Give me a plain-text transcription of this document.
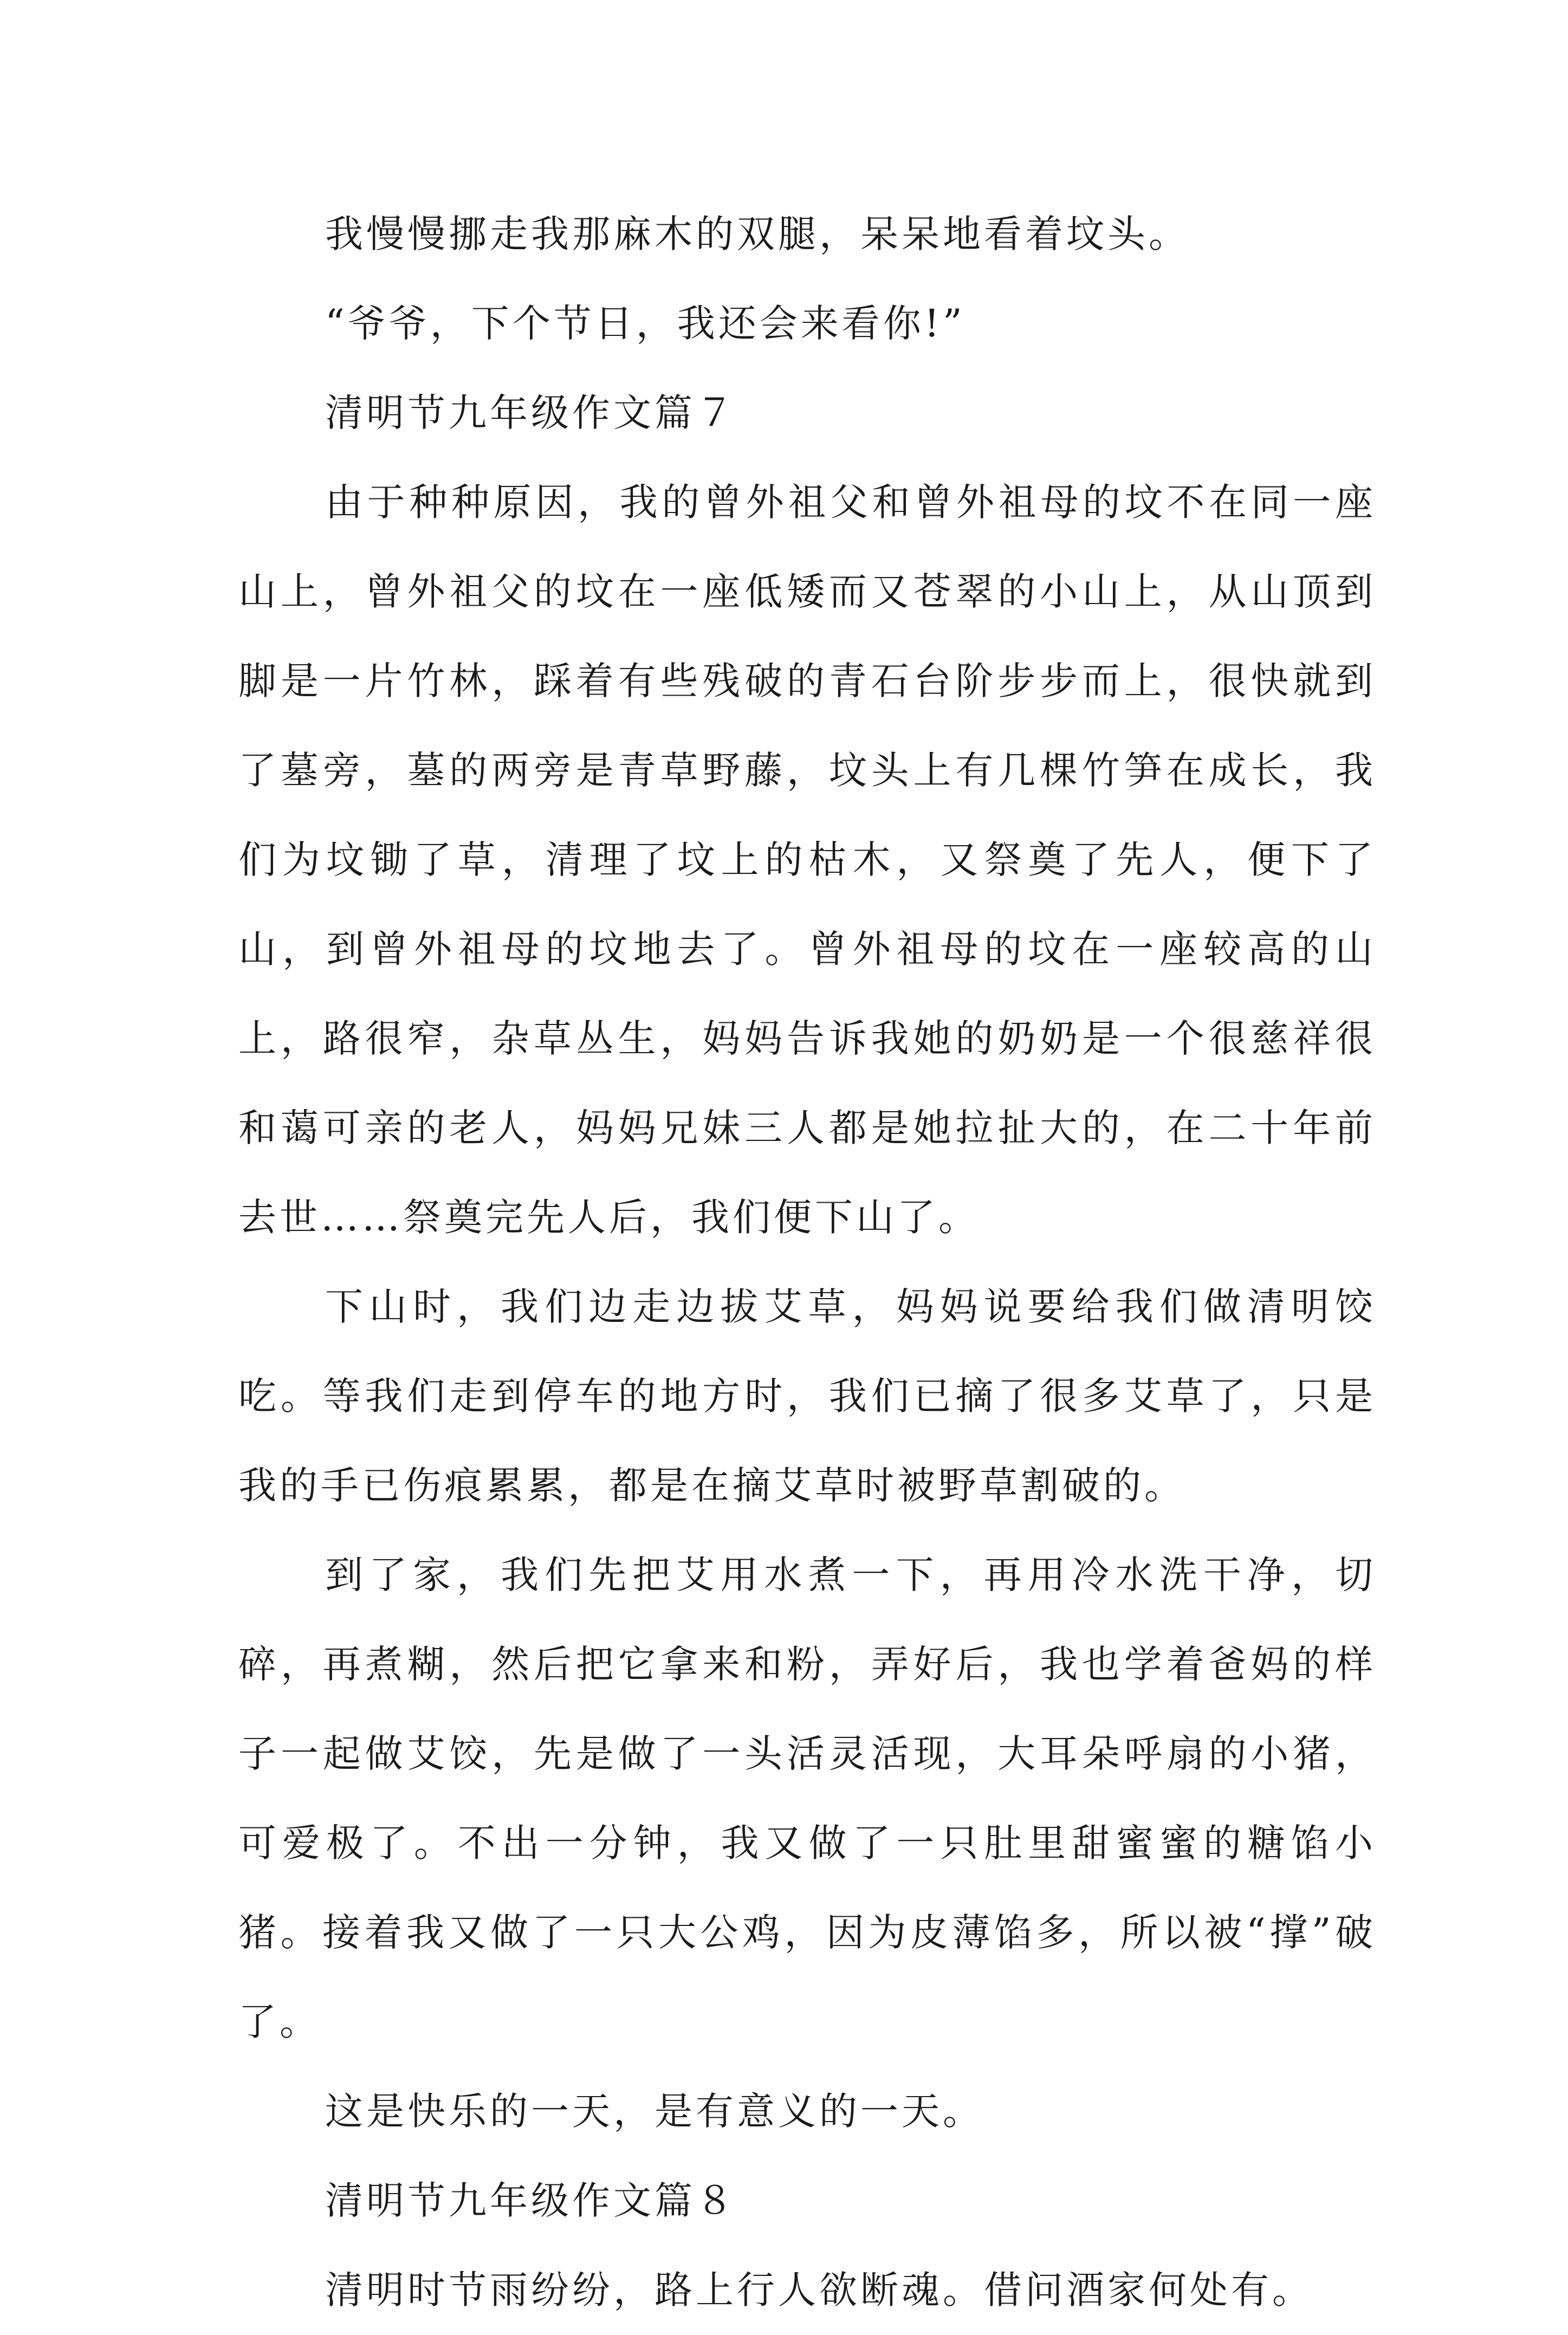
我慢慢挪走我那麻木的双腿，呆呆地看着坟头。

“爷爷，下个节日，我还会来看你!”

清明节九年级作文篇７

由于种种原因，我的曾外祖父和曾外祖母的坟不在同一座山上，曾外祖父的坟在一座低矮而又苍翠的小山上，从山顶到脚是一片竹林，踩着有些残破的青石台阶步步而上，很快就到了墓旁，墓的两旁是青草野藤，坟头上有几棵竹笋在成长，我们为坟锄了草，清理了坟上的枯木，又祭奠了先人，便下了山，到曾外祖母的坟地去了。曾外祖母的坟在一座较高的山上，路很窄，杂草丛生，妈妈告诉我她的奶奶是一个很慈祥很和蔼可亲的老人，妈妈兄妹三人都是她拉扯大的，在二十年前去世……祭奠完先人后，我们便下山了。

下山时，我们边走边拔艾草，妈妈说要给我们做清明饺吃。等我们走到停车的地方时，我们已摘了很多艾草了，只是我的手已伤痕累累，都是在摘艾草时被野草割破的。

到了家，我们先把艾用水煮一下，再用冷水洗干净，切碎，再煮糊，然后把它拿来和粉，弄好后，我也学着爸妈的样子一起做艾饺，先是做了一头活灵活现，大耳朵呼扇的小猪，可爱极了。不出一分钟，我又做了一只肚里甜蜜蜜的糖馅小猪。接着我又做了一只大公鸡，因为皮薄馅多，所以被“撑”破了。

这是快乐的一天，是有意义的一天。

清明节九年级作文篇８

清明时节雨纷纷，路上行人欲断魂。借问酒家何处有。
